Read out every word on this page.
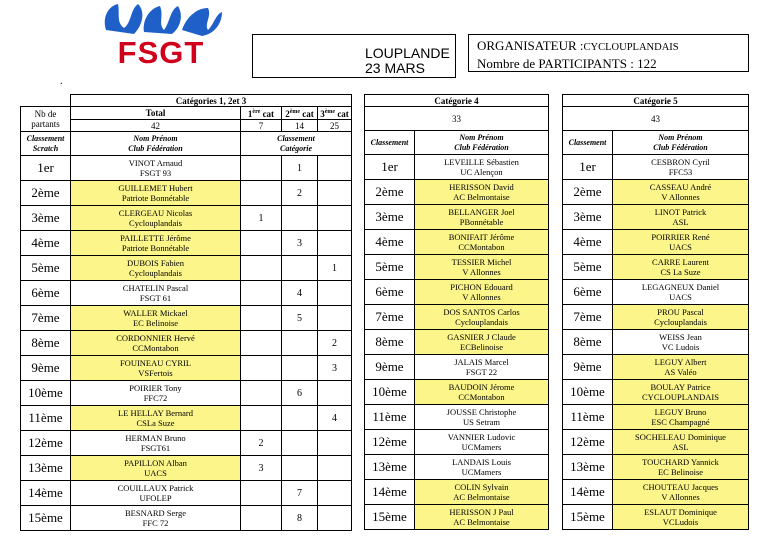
FSGT
.
LOUPLANDE
23 MARS
ORGANISATEUR :CYCLOUPLANDAIS
Nombre de PARTICIPANTS : 122
	Catégories 1, 2et 3			
Nb de
partants	Total	1ère cat	2ème cat	3ème cat
	42	7	14	25
Classement
Scratch	Nom Prénom
Club Fédération	Classement
Catégorie		
1er	VINOT Arnaud
FSGT 93		1	
2ème	GUILLEMET Hubert
Patriote Bonnétable		2	
3ème	CLERGEAU Nicolas
Cyclouplandais	1		
4ème	PAILLETTE Jérôme
Patriote Bonnétable		3	
5ème	DUBOIS Fabien
Cyclouplandais			1
6ème	CHATELIN Pascal
FSGT 61		4	
7ème	WALLER Mickael
EC Belinoise		5	
8ème	CORDONNIER Hervé
CCMontabon			2
9ème	FOUINEAU CYRIL
VSFertois			3
10ème	POIRIER Tony
FFC72		6	
11ème	LE HELLAY Bernard
CSLa Suze			4
12ème	HERMAN Bruno
FSGT61	2		
13ème	PAPILLON Alban
UACS	3		
14ème	COUILLAUX Patrick
UFOLEP		7	
15ème	BESNARD Serge
FFC 72		8	
Catégorie 4	
33	
Classement	Nom Prénom
Club Fédération
1er	LEVEILLE Sébastien
UC Alençon
2ème	HERISSON David
AC Belmontaise
3ème	BELLANGER Joel
PBonnétable
4ème	BONIFAIT Jérôme
CCMontabon
5ème	TESSIER Michel
V Allonnes
6ème	PICHON Edouard
V Allonnes
7ème	DOS SANTOS Carlos
Cyclouplandais
8ème	GASNIER J Claude
ECBelinoise
9ème	JALAIS Marcel
FSGT 22
10ème	BAUDOIN Jérome
CCMontabon
11ème	JOUSSE Christophe
US Setram
12ème	VANNIER Ludovic
UCMamers
13ème	LANDAIS Louis
UCMamers
14ème	COLIN Sylvain
AC Belmontaise
15ème	HERISSON J Paul
AC Belmontaise
Catégorie 5	
43	
Classement	Nom Prénom
Club Fédération
1er	CESBRON Cyril
FFC53
2ème	CASSEAU André
V Allonnes
3ème	LINOT Patrick
ASL
4ème	POIRRIER René
UACS
5ème	CARRE Laurent
CS La Suze
6ème	LEGAGNEUX Daniel
UACS
7ème	PROU Pascal
Cyclouplandais
8ème	WEISS Jean
VC Ludois
9ème	LEGUY Albert
AS Valéo
10ème	BOULAY Patrice
CYCLOUPLANDAIS
11ème	LEGUY Bruno
ESC Champagné
12ème	SOCHELEAU Dominique
ASL
13ème	TOUCHARD Yannick
EC Belinoise
14ème	CHOUTEAU Jacques
V Allonnes
15ème	ESLAUT Dominique
VCLudois
